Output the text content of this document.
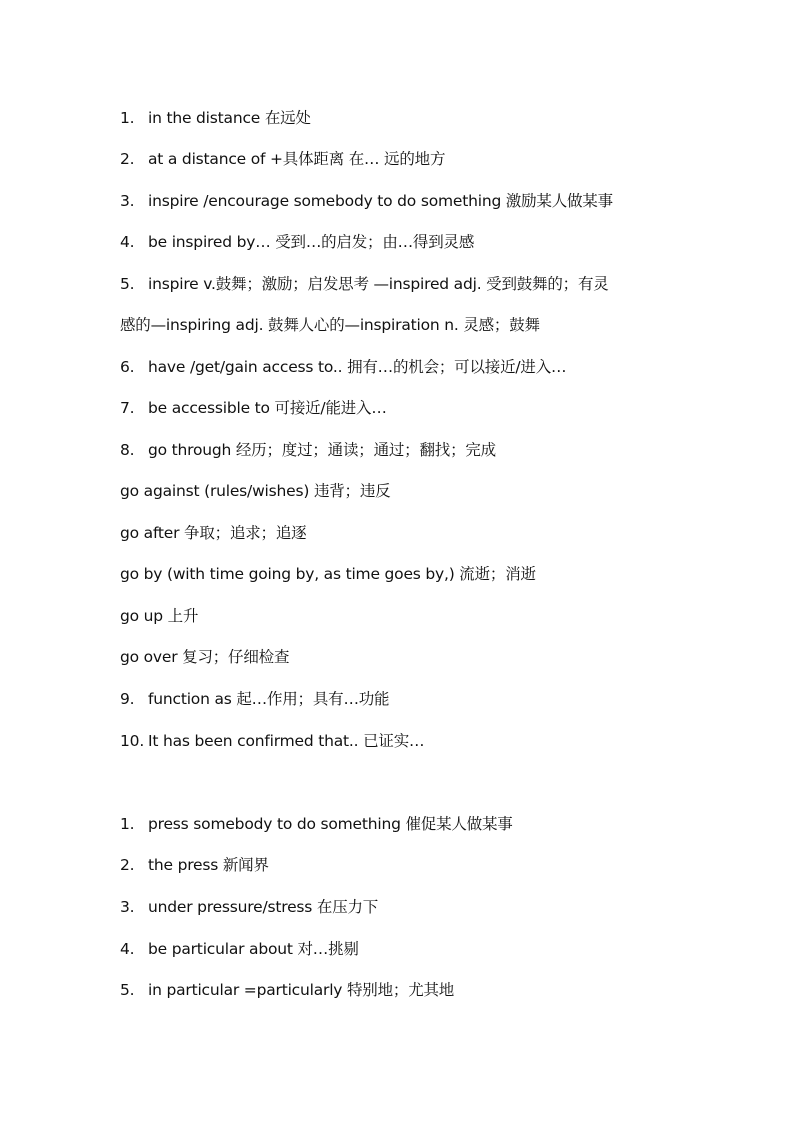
1. in the distance 在远处
2. at a distance of +具体距离 在… 远的地方
3. inspire /encourage somebody to do something 激励某人做某事
4. be inspired by… 受到…的启发；由…得到灵感
5. inspire v.鼓舞；激励；启发思考 —inspired adj. 受到鼓舞的；有灵
感的—inspiring adj. 鼓舞人心的—inspiration n. 灵感；鼓舞
6. have /get/gain access to.. 拥有…的机会；可以接近/进入…
7. be accessible to 可接近/能进入…
8. go through 经历；度过；通读；通过；翻找；完成
go against (rules/wishes) 违背；违反
go after 争取；追求；追逐
go by (with time going by, as time goes by,) 流逝；消逝
go up 上升
go over 复习；仔细检查
9. function as 起…作用；具有…功能
10. It has been confirmed that.. 已证实…
1. press somebody to do something 催促某人做某事
2. the press 新闻界
3. under pressure/stress 在压力下
4. be particular about 对…挑剔
5. in particular =particularly 特别地；尤其地
